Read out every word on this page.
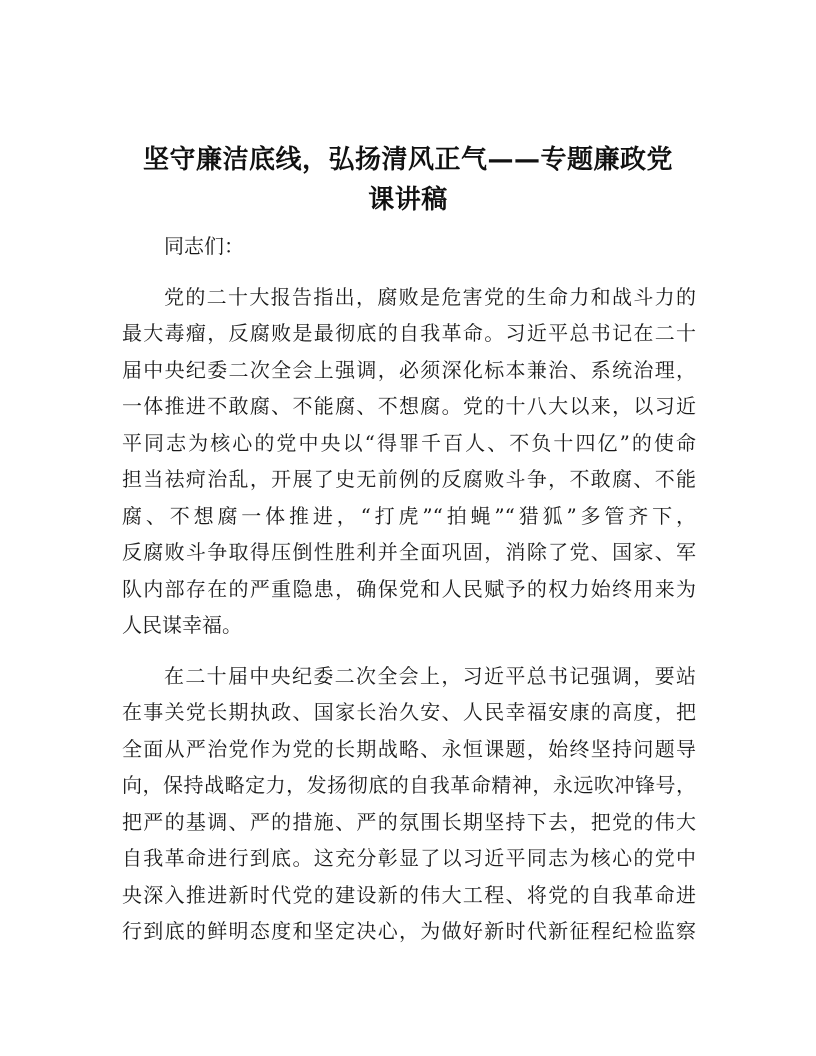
坚守廉洁底线，弘扬清风正气——专题廉政党
课讲稿

同志们：

党的二十大报告指出，腐败是危害党的生命力和战斗力的
最大毒瘤，反腐败是最彻底的自我革命。习近平总书记在二十
届中央纪委二次全会上强调，必须深化标本兼治、系统治理，
一体推进不敢腐、不能腐、不想腐。党的十八大以来，以习近
平同志为核心的党中央以“得罪千百人、不负十四亿”的使命
担当祛疴治乱，开展了史无前例的反腐败斗争，不敢腐、不能
腐、不想腐一体推进，“打虎”“拍蝇”“猎狐”多管齐下，
反腐败斗争取得压倒性胜利并全面巩固，消除了党、国家、军
队内部存在的严重隐患，确保党和人民赋予的权力始终用来为
人民谋幸福。

在二十届中央纪委二次全会上，习近平总书记强调，要站
在事关党长期执政、国家长治久安、人民幸福安康的高度，把
全面从严治党作为党的长期战略、永恒课题，始终坚持问题导
向，保持战略定力，发扬彻底的自我革命精神，永远吹冲锋号，
把严的基调、严的措施、严的氛围长期坚持下去，把党的伟大
自我革命进行到底。这充分彰显了以习近平同志为核心的党中
央深入推进新时代党的建设新的伟大工程、将党的自我革命进
行到底的鲜明态度和坚定决心，为做好新时代新征程纪检监察
